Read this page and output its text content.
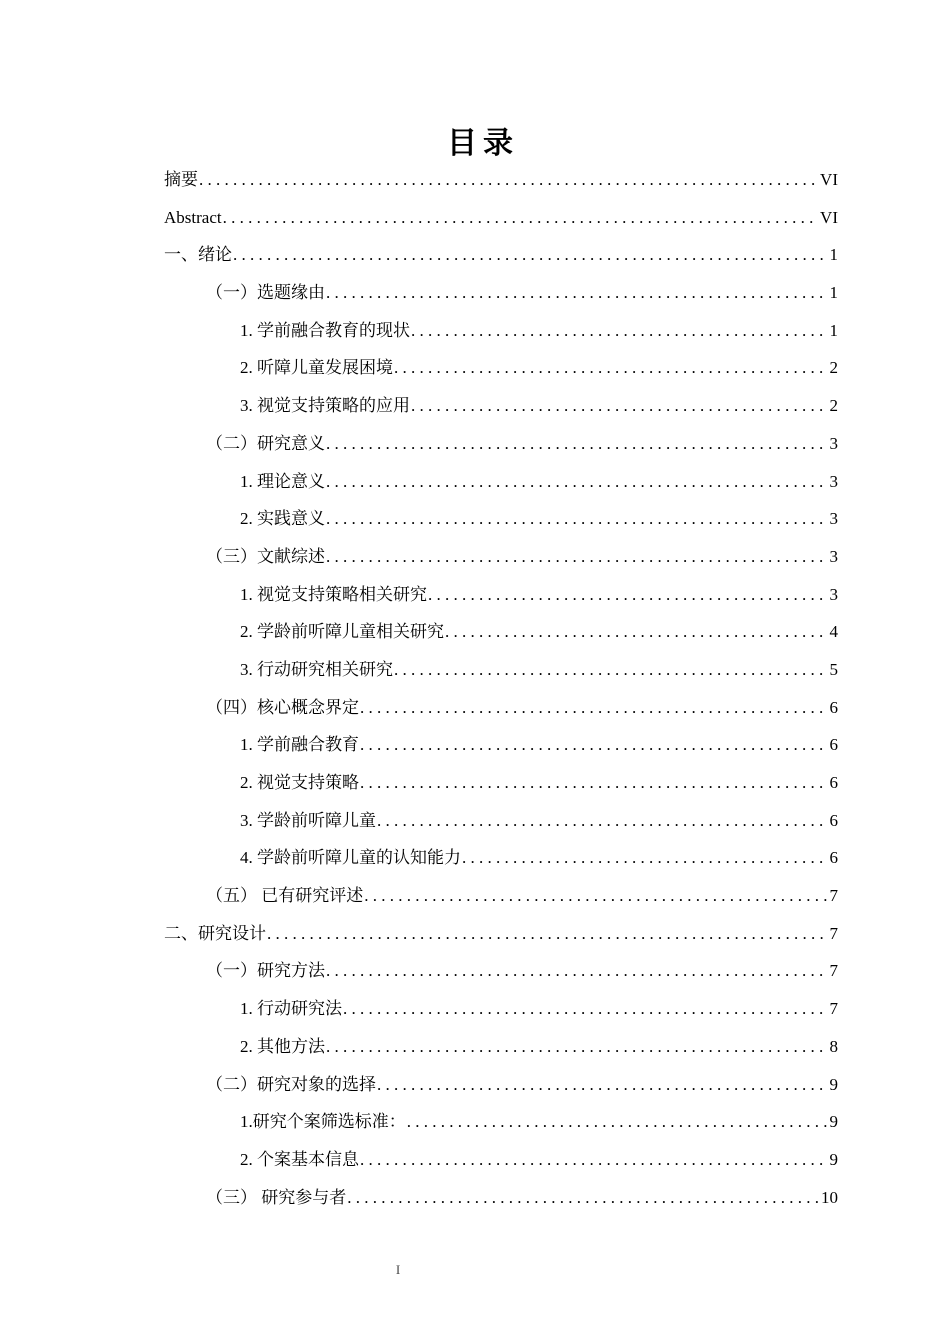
目录
摘要 . . .	VI
Abstract . . .	VI
一、绪论 . . .	1
（一）选题缘由 . . .	1
1. 学前融合教育的现状 . . .	1
2. 听障儿童发展困境 . . .	2
3. 视觉支持策略的应用 . . .	2
（二）研究意义 . . .	3
1. 理论意义 . . .	3
2. 实践意义 . . .	3
（三）文献综述 . . .	3
1. 视觉支持策略相关研究 . . .	3
2. 学龄前听障儿童相关研究 . . .	4
3. 行动研究相关研究 . . .	5
（四）核心概念界定 . . .	6
1. 学前融合教育 . . .	6
2. 视觉支持策略 . . .	6
3. 学龄前听障儿童 . . .	6
4. 学龄前听障儿童的认知能力 . . .	6
（五） 已有研究评述 . . .	7
二、研究设计 . . .	7
（一）研究方法 . . .	7
1. 行动研究法 . . .	7
2. 其他方法 . . .	8
（二）研究对象的选择 . . .	9
1.研究个案筛选标准： . . .	9
2. 个案基本信息 . . .	9
（三） 研究参与者 . . .	10
I
